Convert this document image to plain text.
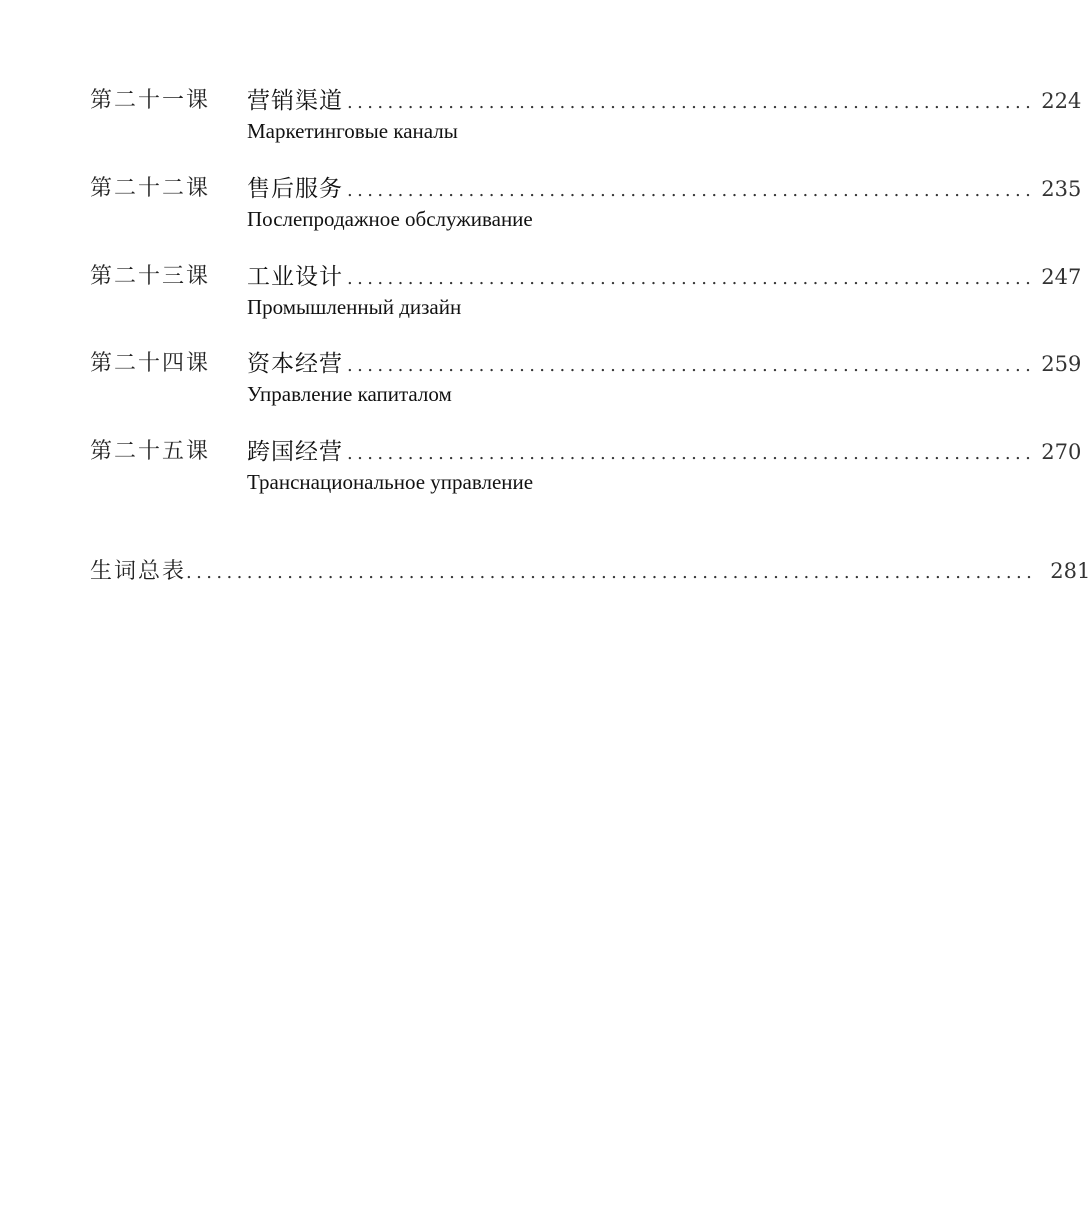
第二十一课	营销渠道 .................................................................... 224
Маркетинговые каналы
第二十二课	售后服务 .................................................................... 235
Послепродажное обслуживание
第二十三课	工业设计 .................................................................... 247
Промышленный дизайн
第二十四课	资本经营 .................................................................... 259
Управление капиталом
第二十五课	跨国经营 .................................................................... 270
Транснациональное управление
生词总表 .................................................................................... 281
